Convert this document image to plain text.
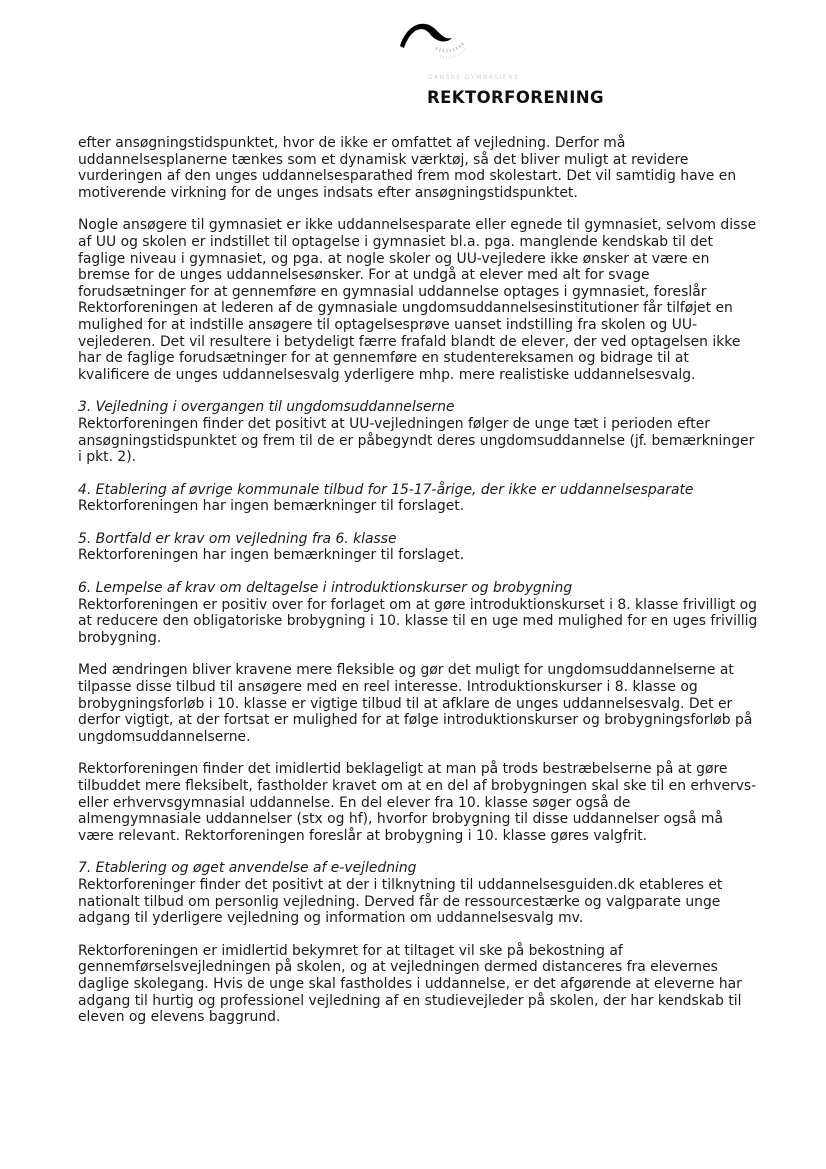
DANSKE GYMNASIERS
REKTORFORENING

efter ansøgningstidspunktet, hvor de ikke er omfattet af vejledning. Derfor må uddannelsesplanerne tænkes som et dynamisk værktøj, så det bliver muligt at revidere vurderingen af den unges uddannelsesparathed frem mod skolestart. Det vil samtidig have en motiverende virkning for de unges indsats efter ansøgningstidspunktet.

Nogle ansøgere til gymnasiet er ikke uddannelsesparate eller egnede til gymnasiet, selvom disse af UU og skolen er indstillet til optagelse i gymnasiet bl.a. pga. manglende kendskab til det faglige niveau i gymnasiet, og pga. at nogle skoler og UU-vejledere ikke ønsker at være en bremse for de unges uddannelsesønsker. For at undgå at elever med alt for svage forudsætninger for at gennemføre en gymnasial uddannelse optages i gymnasiet, foreslår Rektorforeningen at lederen af de gymnasiale ungdomsuddannelsesinstitutioner får tilføjet en mulighed for at indstille ansøgere til optagelsesprøve uanset indstilling fra skolen og UU-vejlederen. Det vil resultere i betydeligt færre frafald blandt de elever, der ved optagelsen ikke har de faglige forudsætninger for at gennemføre en studentereksamen og bidrage til at kvalificere de unges uddannelsesvalg yderligere mhp. mere realistiske uddannelsesvalg.

3. Vejledning i overgangen til ungdomsuddannelserne

Rektorforeningen finder det positivt at UU-vejledningen følger de unge tæt i perioden efter ansøgningstidspunktet og frem til de er påbegyndt deres ungdomsuddannelse (jf. bemærkninger i pkt. 2).

4. Etablering af øvrige kommunale tilbud for 15-17-årige, der ikke er uddannelsesparate

Rektorforeningen har ingen bemærkninger til forslaget.

5. Bortfald er krav om vejledning fra 6. klasse

Rektorforeningen har ingen bemærkninger til forslaget.

6. Lempelse af krav om deltagelse i introduktionskurser og brobygning

Rektorforeningen er positiv over for forlaget om at gøre introduktionskurset i 8. klasse frivilligt og at reducere den obligatoriske brobygning i 10. klasse til en uge med mulighed for en uges frivillig brobygning.

Med ændringen bliver kravene mere fleksible og gør det muligt for ungdomsuddannelserne at tilpasse disse tilbud til ansøgere med en reel interesse. Introduktionskurser i 8. klasse og brobygningsforløb i 10. klasse er vigtige tilbud til at afklare de unges uddannelsesvalg. Det er derfor vigtigt, at der fortsat er mulighed for at følge introduktionskurser og brobygningsforløb på ungdomsuddannelserne.

Rektorforeningen finder det imidlertid beklageligt at man på trods bestræbelserne på at gøre tilbuddet mere fleksibelt, fastholder kravet om at en del af brobygningen skal ske til en erhvervs- eller erhvervsgymnasial uddannelse. En del elever fra 10. klasse søger også de almengymnasiale uddannelser (stx og hf), hvorfor brobygning til disse uddannelser også må være relevant. Rektorforeningen foreslår at brobygning i 10. klasse gøres valgfrit.

7. Etablering og øget anvendelse af e-vejledning

Rektorforeninger finder det positivt at der i tilknytning til uddannelsesguiden.dk etableres et nationalt tilbud om personlig vejledning. Derved får de ressourcestærke og valgparate unge adgang til yderligere vejledning og information om uddannelsesvalg mv.

Rektorforeningen er imidlertid bekymret for at tiltaget vil ske på bekostning af gennemførselsvejledningen på skolen, og at vejledningen dermed distanceres fra elevernes daglige skolegang. Hvis de unge skal fastholdes i uddannelse, er det afgørende at eleverne har adgang til hurtig og professionel vejledning af en studievejleder på skolen, der har kendskab til eleven og elevens baggrund.
